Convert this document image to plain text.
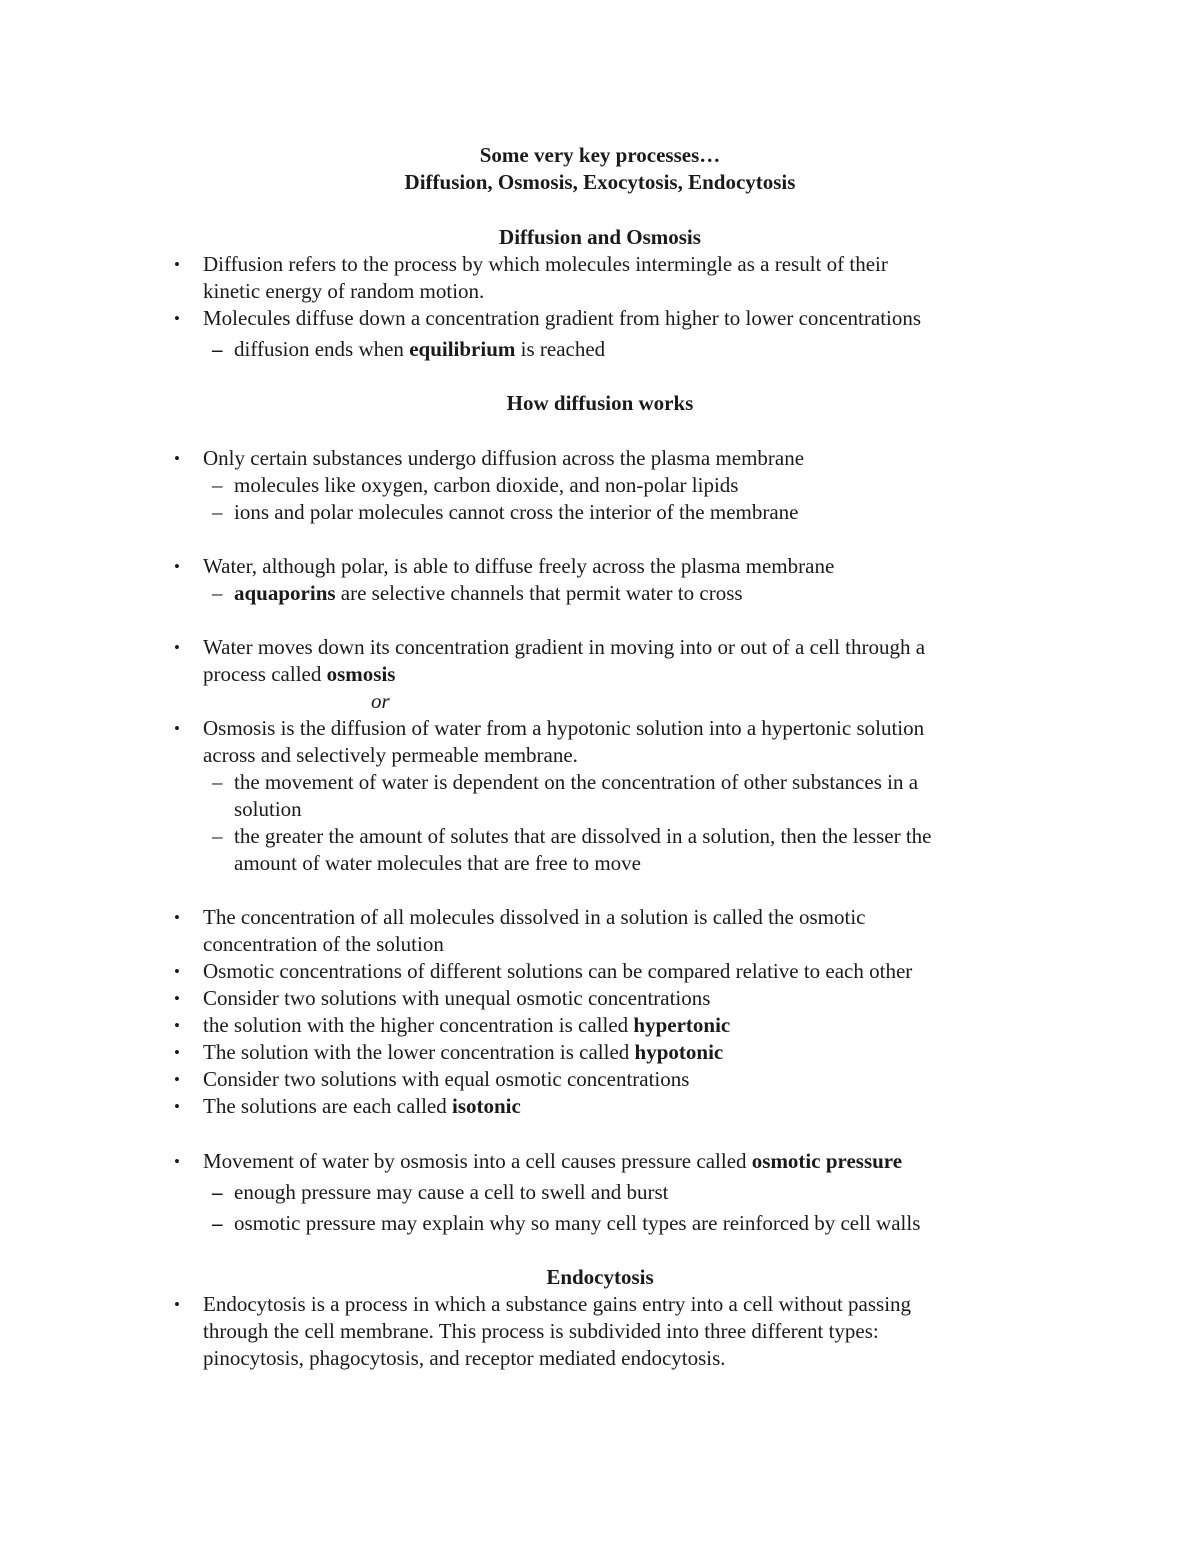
Some very key processes…
Diffusion, Osmosis, Exocytosis, Endocytosis
Diffusion and Osmosis
•	Diffusion refers to the process by which molecules intermingle as a result of their
kinetic energy of random motion.
•	Molecules diffuse down a concentration gradient from higher to lower concentrations
– diffusion ends when equilibrium is reached
How diffusion works
•	Only certain substances undergo diffusion across the plasma membrane
– molecules like oxygen, carbon dioxide, and non-polar lipids
– ions and polar molecules cannot cross the interior of the membrane
•	Water, although polar, is able to diffuse freely across the plasma membrane
– aquaporins are selective channels that permit water to cross
•	Water moves down its concentration gradient in moving into or out of a cell through a
process called osmosis
or
•	Osmosis is the diffusion of water from a hypotonic solution into a hypertonic solution
across and selectively permeable membrane.
– the movement of water is dependent on the concentration of other substances in a
solution
– the greater the amount of solutes that are dissolved in a solution, then the lesser the
amount of water molecules that are free to move
•	The concentration of all molecules dissolved in a solution is called the osmotic
concentration of the solution
•	Osmotic concentrations of different solutions can be compared relative to each other
•	Consider two solutions with unequal osmotic concentrations
•	the solution with the higher concentration is called hypertonic
•	The solution with the lower concentration is called hypotonic
•	Consider two solutions with equal osmotic concentrations
•	The solutions are each called isotonic
•	Movement of water by osmosis into a cell causes pressure called osmotic pressure
– enough pressure may cause a cell to swell and burst
– osmotic pressure may explain why so many cell types are reinforced by cell walls
Endocytosis
•	Endocytosis is a process in which a substance gains entry into a cell without passing
through the cell membrane. This process is subdivided into three different types:
pinocytosis, phagocytosis, and receptor mediated endocytosis.
